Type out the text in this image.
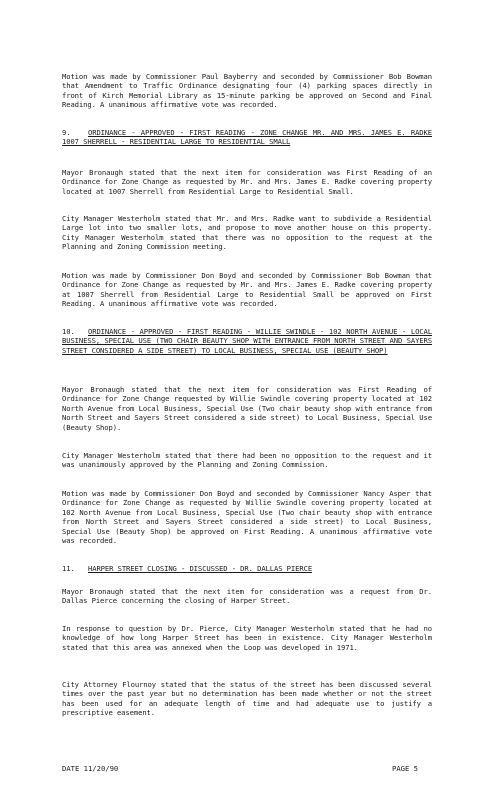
Motion was made by Commissioner Paul Bayberry and seconded by Commissioner Bob Bowman that Amendment to Traffic Ordinance designating four (4) parking spaces directly in front of Kirch Memorial Library as 15-minute parking be approved on Second and Final Reading. A unanimous affirmative vote was recorded.

9. ORDINANCE - APPROVED - FIRST READING - ZONE CHANGE MR. AND MRS. JAMES E. RADKE 1007 SHERRELL - RESIDENTIAL LARGE TO RESIDENTIAL SMALL

Mayor Bronaugh stated that the next item for consideration was First Reading of an Ordinance for Zone Change as requested by Mr. and Mrs. James E. Radke covering property located at 1007 Sherrell from Residential Large to Residential Small.

City Manager Westerholm stated that Mr. and Mrs. Radke want to subdivide a Residential Large lot into two smaller lots, and propose to move another house on this property. City Manager Westerholm stated that there was no opposition to the request at the Planning and Zoning Commission meeting.

Motion was made by Commissioner Don Boyd and seconded by Commissioner Bob Bowman that Ordinance for Zone Change as requested by Mr. and Mrs. James E. Radke covering property at 1007 Sherrell from Residential Large to Residential Small be approved on First Reading. A unanimous affirmative vote was recorded.

10. ORDINANCE - APPROVED - FIRST READING - WILLIE SWINDLE - 102 NORTH AVENUE - LOCAL BUSINESS, SPECIAL USE (TWO CHAIR BEAUTY SHOP WITH ENTRANCE FROM NORTH STREET AND SAYERS STREET CONSIDERED A SIDE STREET) TO LOCAL BUSINESS, SPECIAL USE (BEAUTY SHOP)

Mayor Bronaugh stated that the next item for consideration was First Reading of Ordinance for Zone Change requested by Willie Swindle covering property located at 102 North Avenue from Local Business, Special Use (Two chair beauty shop with entrance from North Street and Sayers Street considered a side street) to Local Business, Special Use (Beauty Shop).

City Manager Westerholm stated that there had been no opposition to the request and it was unanimously approved by the Planning and Zoning Commission.

Motion was made by Commissioner Don Boyd and seconded by Commissioner Nancy Asper that Ordinance for Zone Change as requested by Willie Swindle covering property located at 102 North Avenue from Local Business, Special Use (Two chair beauty shop with entrance from North Street and Sayers Street considered a side street) to Local Business, Special Use (Beauty Shop) be approved on First Reading. A unanimous affirmative vote was recorded.

11. HARPER STREET CLOSING - DISCUSSED - DR. DALLAS PIERCE

Mayor Bronaugh stated that the next item for consideration was a request from Dr. Dallas Pierce concerning the closing of Harper Street.

In response to question by Dr. Pierce, City Manager Westerholm stated that he had no knowledge of how long Harper Street has been in existence. City Manager Westerholm stated that this area was annexed when the Loop was developed in 1971.

City Attorney Flournoy stated that the status of the street has been discussed several times over the past year but no determination has been made whether or not the street has been used for an adequate length of time and had adequate use to justify a prescriptive easement.

DATE 11/20/90	PAGE 5
